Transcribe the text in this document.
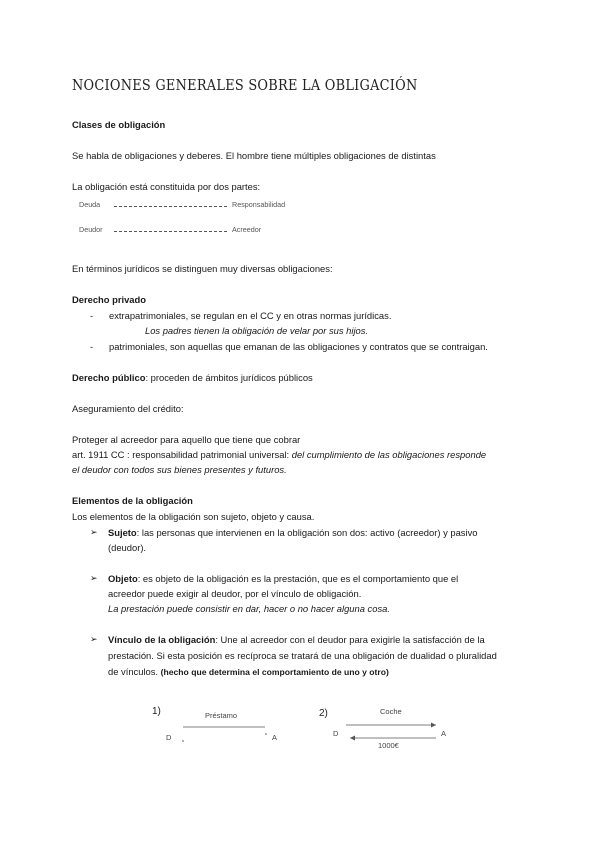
NOCIONES GENERALES SOBRE LA OBLIGACIÓN
Clases de obligación
Se habla de obligaciones y deberes. El hombre tiene múltiples obligaciones de distintas
La obligación está constituida por dos partes:
Deuda	Responsabilidad
Deudor	Acreedor
En términos jurídicos se distinguen muy diversas obligaciones:
Derecho privado
- extrapatrimoniales, se regulan en el CC y en otras normas jurídicas.
Los padres tienen la obligación de velar por sus hijos.
- patrimoniales, son aquellas que emanan de las obligaciones y contratos que se contraigan.
Derecho público: proceden de ámbitos jurídicos públicos
Aseguramiento del crédito:
Proteger al acreedor para aquello que tiene que cobrar
art. 1911 CC : responsabilidad patrimonial universal: del cumplimiento de las obligaciones responde
el deudor con todos sus bienes presentes y futuros.
Elementos de la obligación
Los elementos de la obligación son sujeto, objeto y causa.
➢ Sujeto: las personas que intervienen en la obligación son dos: activo (acreedor) y pasivo
(deudor).
➢ Objeto: es objeto de la obligación es la prestación, que es el comportamiento que el
acreedor puede exigir al deudor, por el vínculo de obligación.
La prestación puede consistir en dar, hacer o no hacer alguna cosa.
➢ Vínculo de la obligación: Une al acreedor con el deudor para exigirle la satisfacción de la
prestación. Si esta posición es recíproca se tratará de una obligación de dualidad o pluralidad
de vínculos. (hecho que determina el comportamiento de uno y otro)
1)	Préstamo
D	A
2)	Coche
D	A
1000€
